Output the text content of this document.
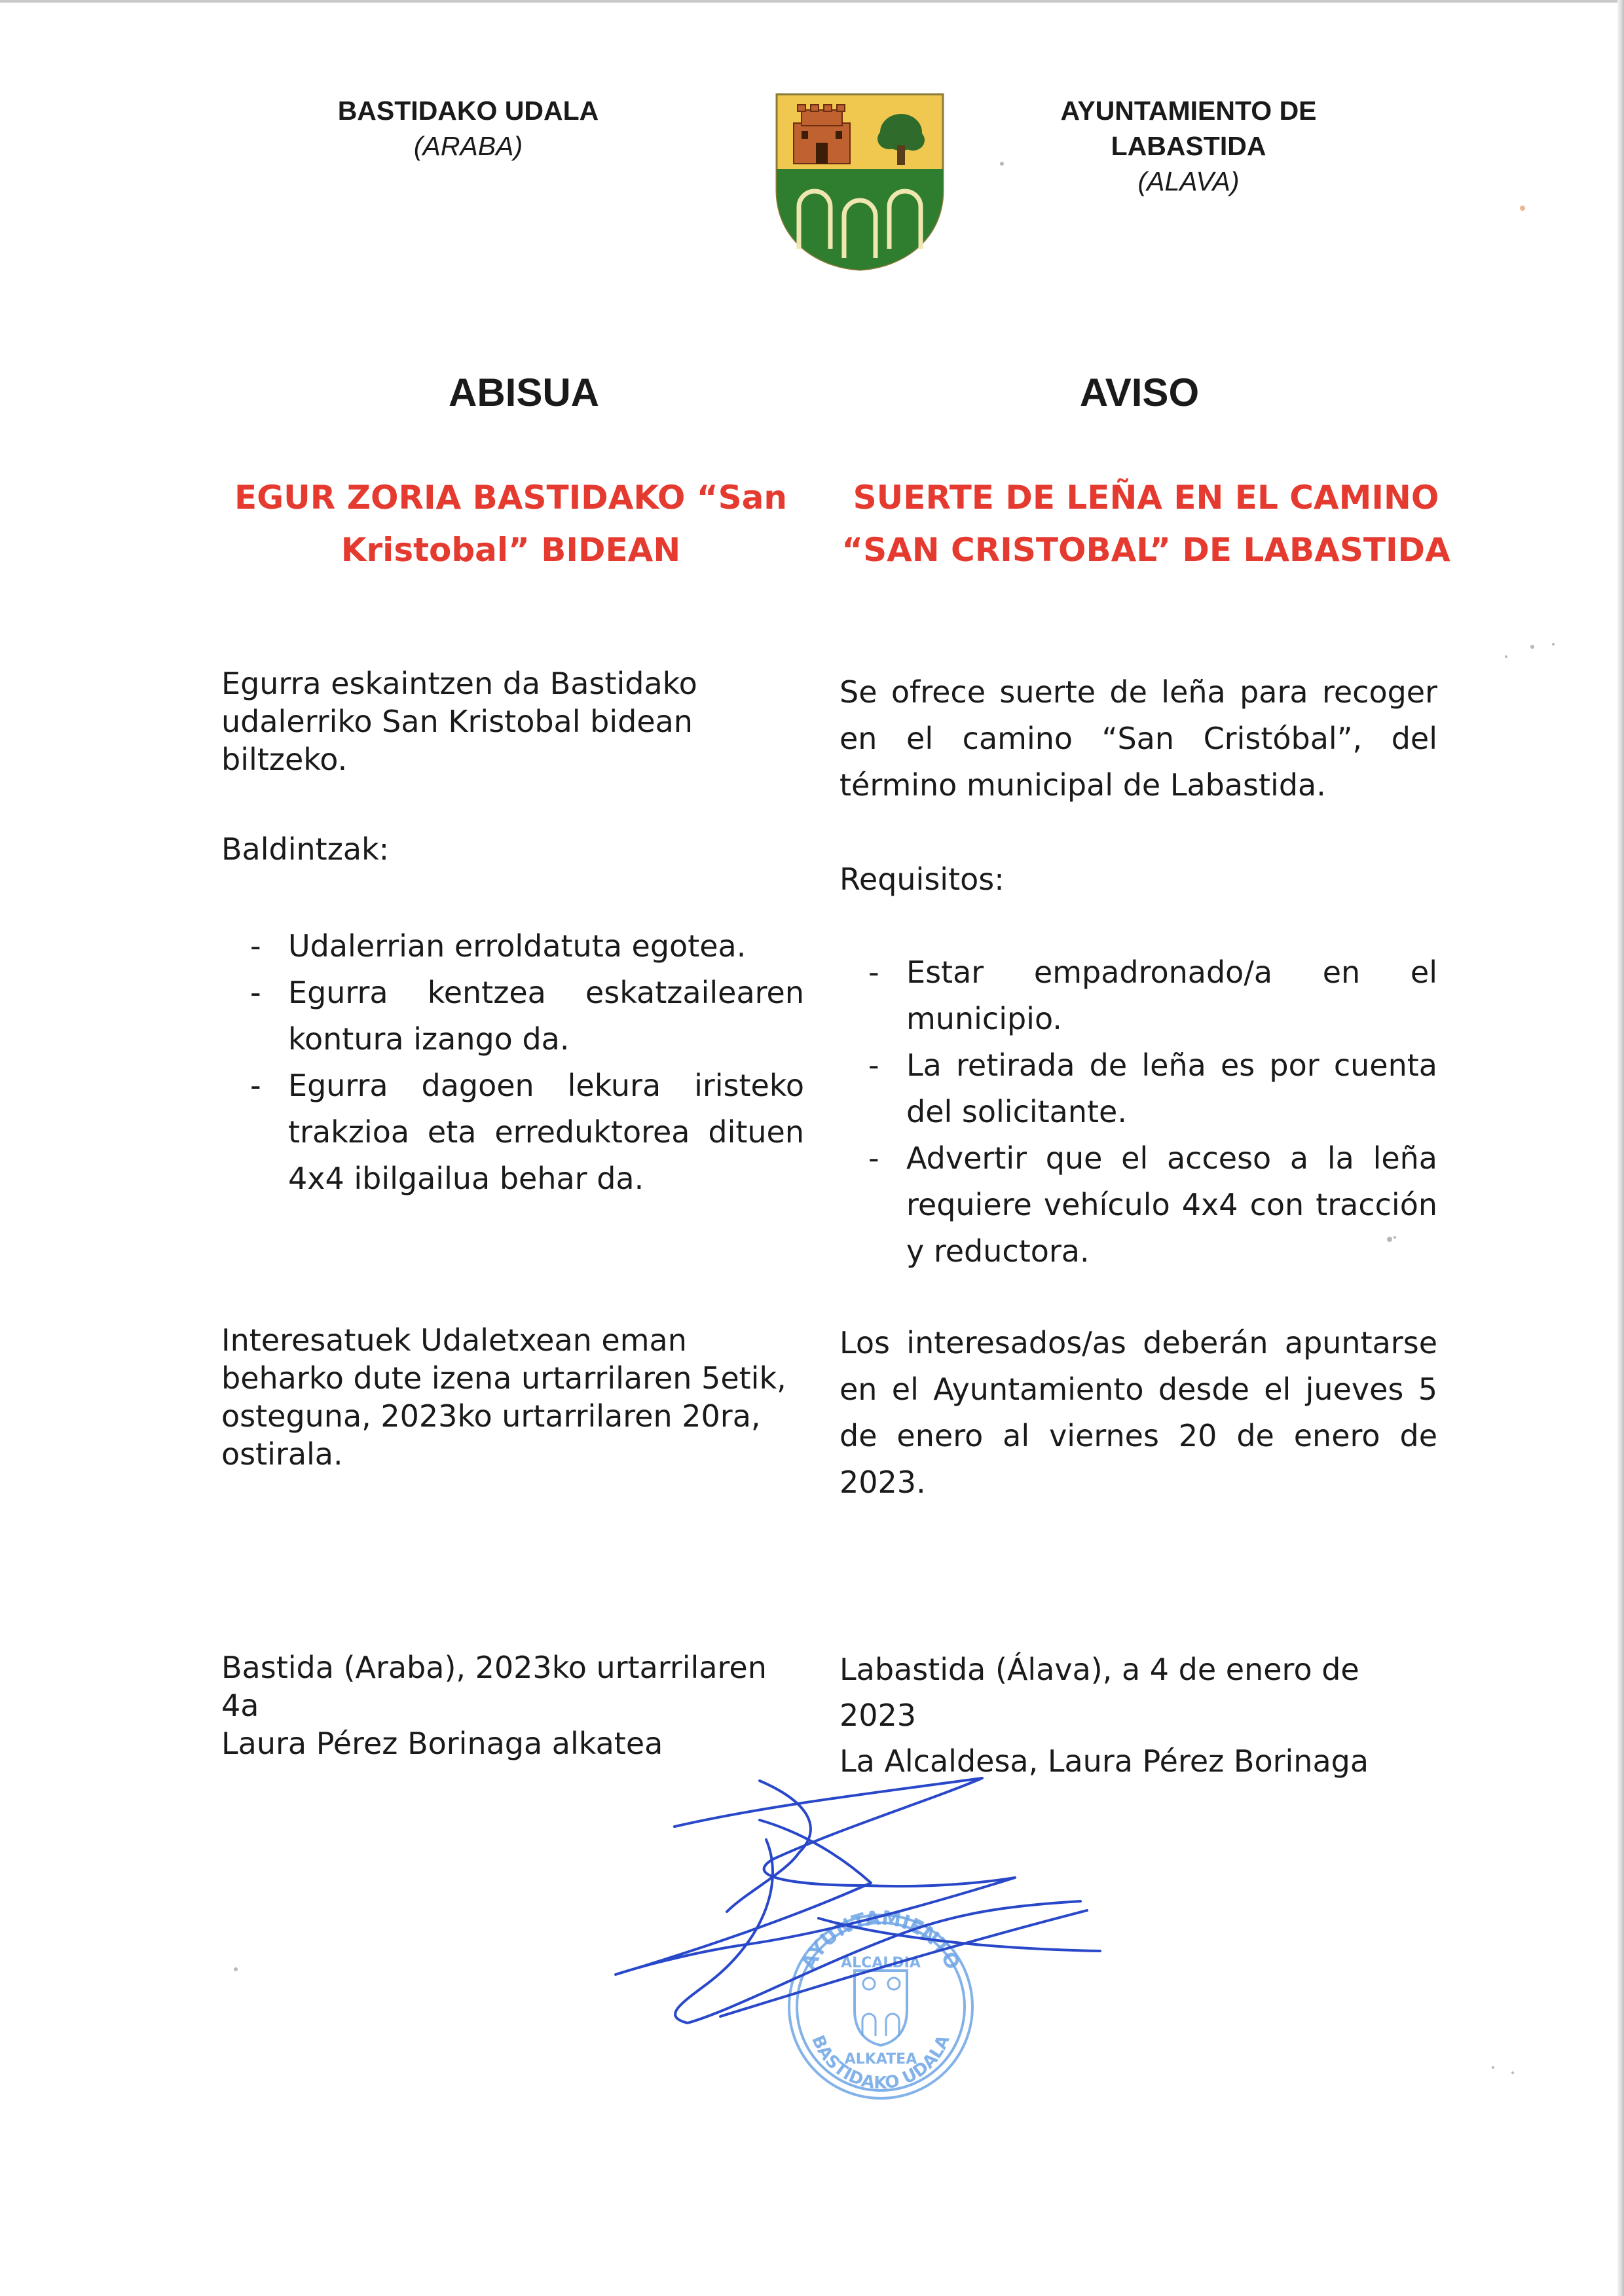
BASTIDAKO UDALA
(ARABA)
AYUNTAMIENTO DE
LABASTIDA
(ALAVA)
ABISUA	AVISO
EGUR ZORIA BASTIDAKO “San
Kristobal” BIDEAN
SUERTE DE LEÑA EN EL CAMINO
“SAN CRISTOBAL” DE LABASTIDA

Egurra eskaintzen da Bastidako udalerriko San Kristobal bidean biltzeko.

Baldintzak:
- Udalerrian erroldatuta egotea.
- Egurra kentzea eskatzailearen kontura izango da.
- Egurra dagoen lekura iristeko trakzioa eta erreduktorea dituen 4x4 ibilgailua behar da.

Interesatuek Udaletxean eman beharko dute izena urtarrilaren 5etik, osteguna, 2023ko urtarrilaren 20ra, ostirala.

Bastida (Araba), 2023ko urtarrilaren 4a

Laura Pérez Borinaga alkatea

Se ofrece suerte de leña para recoger en el camino “San Cristóbal”, del término municipal de Labastida.

Requisitos:
- Estar empadronado/a en el municipio.
- La retirada de leña es por cuenta del solicitante.
- Advertir que el acceso a la leña requiere vehículo 4x4 con tracción y reductora.

Los interesados/as deberán apuntarse en el Ayuntamiento desde el jueves 5 de enero al viernes 20 de enero de 2023.

Labastida (Álava), a 4 de enero de 2023

La Alcaldesa, Laura Pérez Borinaga

AYUNTAMIENTO
ALCALDIA
ALKATEA
BASTIDAKO UDALA
